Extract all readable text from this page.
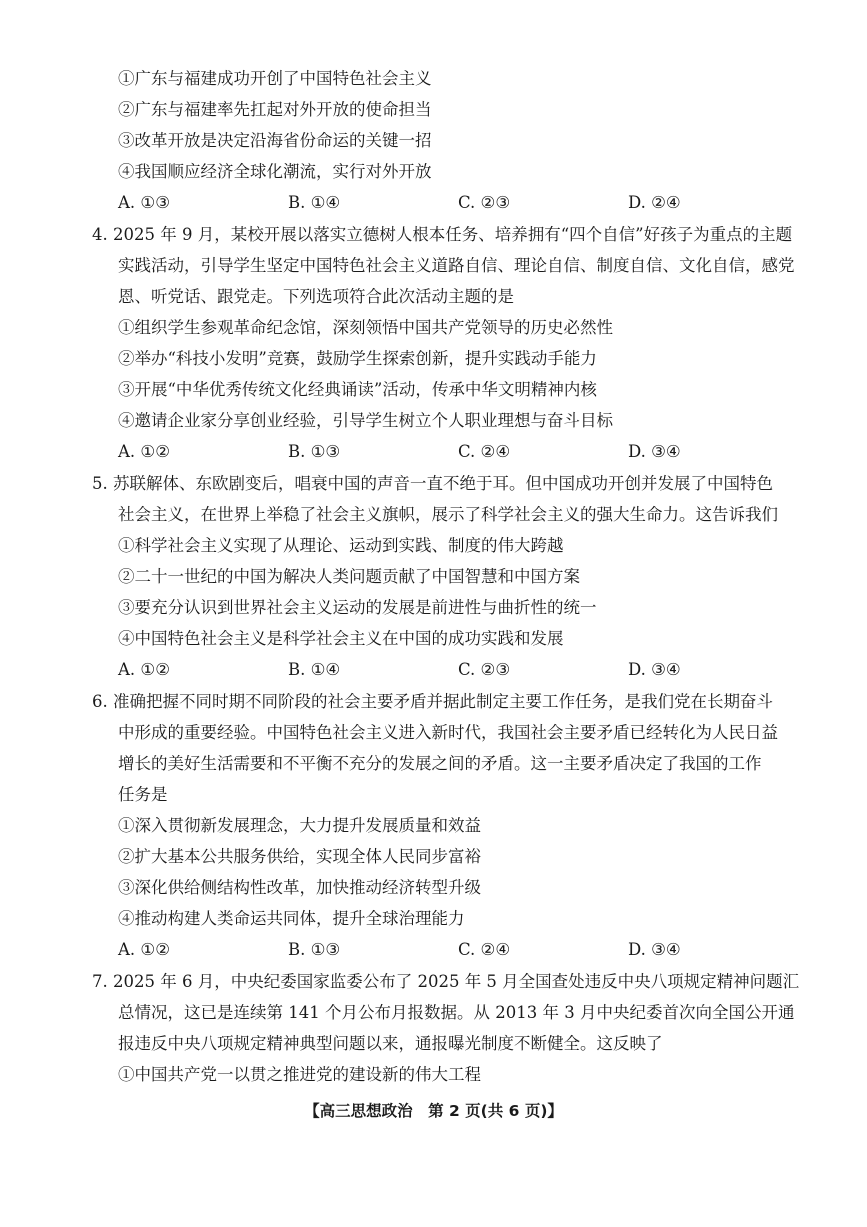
①广东与福建成功开创了中国特色社会主义
②广东与福建率先扛起对外开放的使命担当
③改革开放是决定沿海省份命运的关键一招
④我国顺应经济全球化潮流，实行对外开放
A. ①③	B. ①④	C. ②③	D. ②④
4. 2025 年 9 月，某校开展以落实立德树人根本任务、培养拥有“四个自信”好孩子为重点的主题
实践活动，引导学生坚定中国特色社会主义道路自信、理论自信、制度自信、文化自信，感党
恩、听党话、跟党走。下列选项符合此次活动主题的是
①组织学生参观革命纪念馆，深刻领悟中国共产党领导的历史必然性
②举办“科技小发明”竞赛，鼓励学生探索创新，提升实践动手能力
③开展“中华优秀传统文化经典诵读”活动，传承中华文明精神内核
④邀请企业家分享创业经验，引导学生树立个人职业理想与奋斗目标
A. ①②	B. ①③	C. ②④	D. ③④
5. 苏联解体、东欧剧变后，唱衰中国的声音一直不绝于耳。但中国成功开创并发展了中国特色
社会主义，在世界上举稳了社会主义旗帜，展示了科学社会主义的强大生命力。这告诉我们
①科学社会主义实现了从理论、运动到实践、制度的伟大跨越
②二十一世纪的中国为解决人类问题贡献了中国智慧和中国方案
③要充分认识到世界社会主义运动的发展是前进性与曲折性的统一
④中国特色社会主义是科学社会主义在中国的成功实践和发展
A. ①②	B. ①④	C. ②③	D. ③④
6. 准确把握不同时期不同阶段的社会主要矛盾并据此制定主要工作任务，是我们党在长期奋斗
中形成的重要经验。中国特色社会主义进入新时代，我国社会主要矛盾已经转化为人民日益
增长的美好生活需要和不平衡不充分的发展之间的矛盾。这一主要矛盾决定了我国的工作
任务是
①深入贯彻新发展理念，大力提升发展质量和效益
②扩大基本公共服务供给，实现全体人民同步富裕
③深化供给侧结构性改革，加快推动经济转型升级
④推动构建人类命运共同体，提升全球治理能力
A. ①②	B. ①③	C. ②④	D. ③④
7. 2025 年 6 月，中央纪委国家监委公布了 2025 年 5 月全国查处违反中央八项规定精神问题汇
总情况，这已是连续第 141 个月公布月报数据。从 2013 年 3 月中央纪委首次向全国公开通
报违反中央八项规定精神典型问题以来，通报曝光制度不断健全。这反映了
①中国共产党一以贯之推进党的建设新的伟大工程
【高三思想政治　第 2 页(共 6 页)】
